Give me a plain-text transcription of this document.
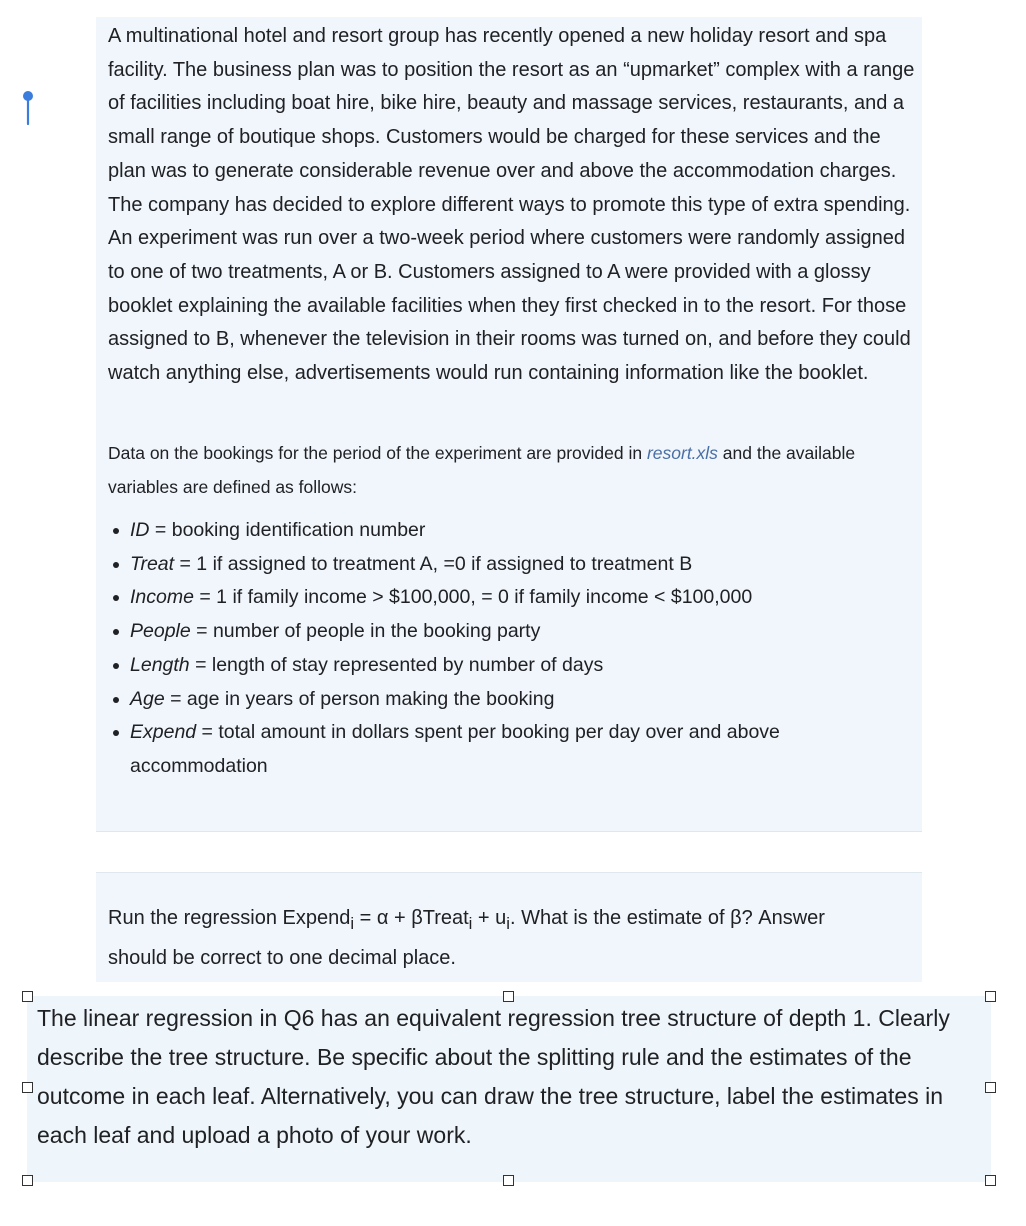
A multinational hotel and resort group has recently opened a new holiday resort and spa facility. The business plan was to position the resort as an “upmarket” complex with a range of facilities including boat hire, bike hire, beauty and massage services, restaurants, and a small range of boutique shops. Customers would be charged for these services and the plan was to generate considerable revenue over and above the accommodation charges. The company has decided to explore different ways to promote this type of extra spending. An experiment was run over a two-week period where customers were randomly assigned to one of two treatments, A or B. Customers assigned to A were provided with a glossy booklet explaining the available facilities when they first checked in to the resort. For those assigned to B, whenever the television in their rooms was turned on, and before they could watch anything else, advertisements would run containing information like the booklet.

Data on the bookings for the period of the experiment are provided in resort.xls and the available variables are defined as follows:

ID = booking identification number
Treat = 1 if assigned to treatment A, =0 if assigned to treatment B
Income = 1 if family income > $100,000, = 0 if family income < $100,000
People = number of people in the booking party
Length = length of stay represented by number of days
Age = age in years of person making the booking
Expend = total amount in dollars spent per booking per day over and above accommodation

Run the regression Expend$_i$ = α + βTreat$_i$ + $u_i$. What is the estimate of β? Answer should be correct to one decimal place.

The linear regression in Q6 has an equivalent regression tree structure of depth 1. Clearly describe the tree structure. Be specific about the splitting rule and the estimates of the outcome in each leaf. Alternatively, you can draw the tree structure, label the estimates in each leaf and upload a photo of your work.
